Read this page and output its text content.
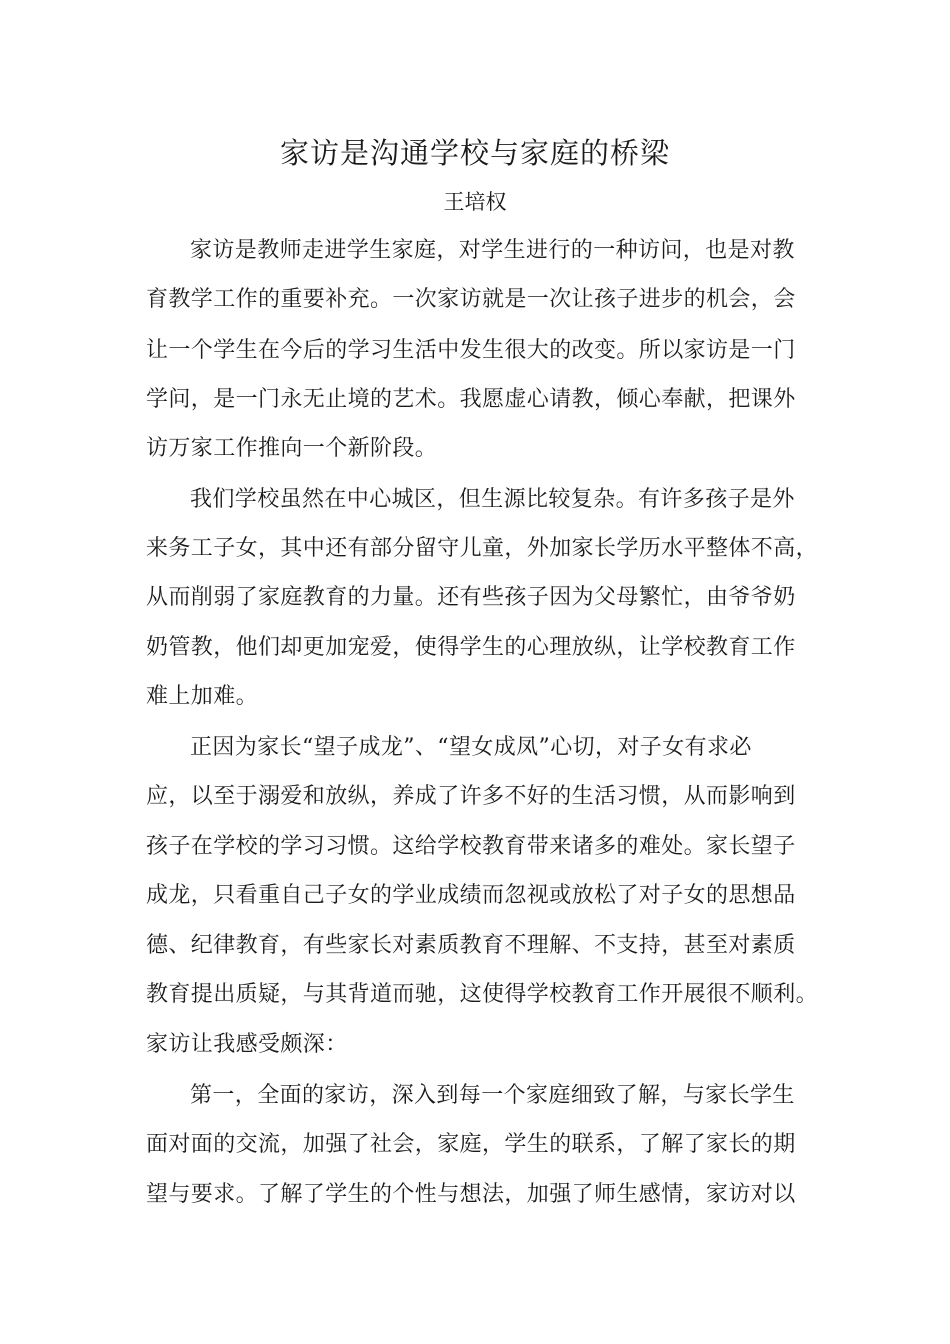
家访是沟通学校与家庭的桥梁
王培权
家访是教师走进学生家庭，对学生进行的一种访问，也是对教
育教学工作的重要补充。一次家访就是一次让孩子进步的机会，会
让一个学生在今后的学习生活中发生很大的改变。所以家访是一门
学问，是一门永无止境的艺术。我愿虚心请教，倾心奉献，把课外
访万家工作推向一个新阶段。
我们学校虽然在中心城区，但生源比较复杂。有许多孩子是外
来务工子女，其中还有部分留守儿童，外加家长学历水平整体不高，
从而削弱了家庭教育的力量。还有些孩子因为父母繁忙，由爷爷奶
奶管教，他们却更加宠爱，使得学生的心理放纵，让学校教育工作
难上加难。
正因为家长“望子成龙”、“望女成凤”心切，对子女有求必
应，以至于溺爱和放纵，养成了许多不好的生活习惯，从而影响到
孩子在学校的学习习惯。这给学校教育带来诸多的难处。家长望子
成龙，只看重自己子女的学业成绩而忽视或放松了对子女的思想品
德、纪律教育，有些家长对素质教育不理解、不支持，甚至对素质
教育提出质疑，与其背道而驰，这使得学校教育工作开展很不顺利。
家访让我感受颇深：
第一，全面的家访，深入到每一个家庭细致了解，与家长学生
面对面的交流，加强了社会，家庭，学生的联系，了解了家长的期
望与要求。了解了学生的个性与想法，加强了师生感情，家访对以
